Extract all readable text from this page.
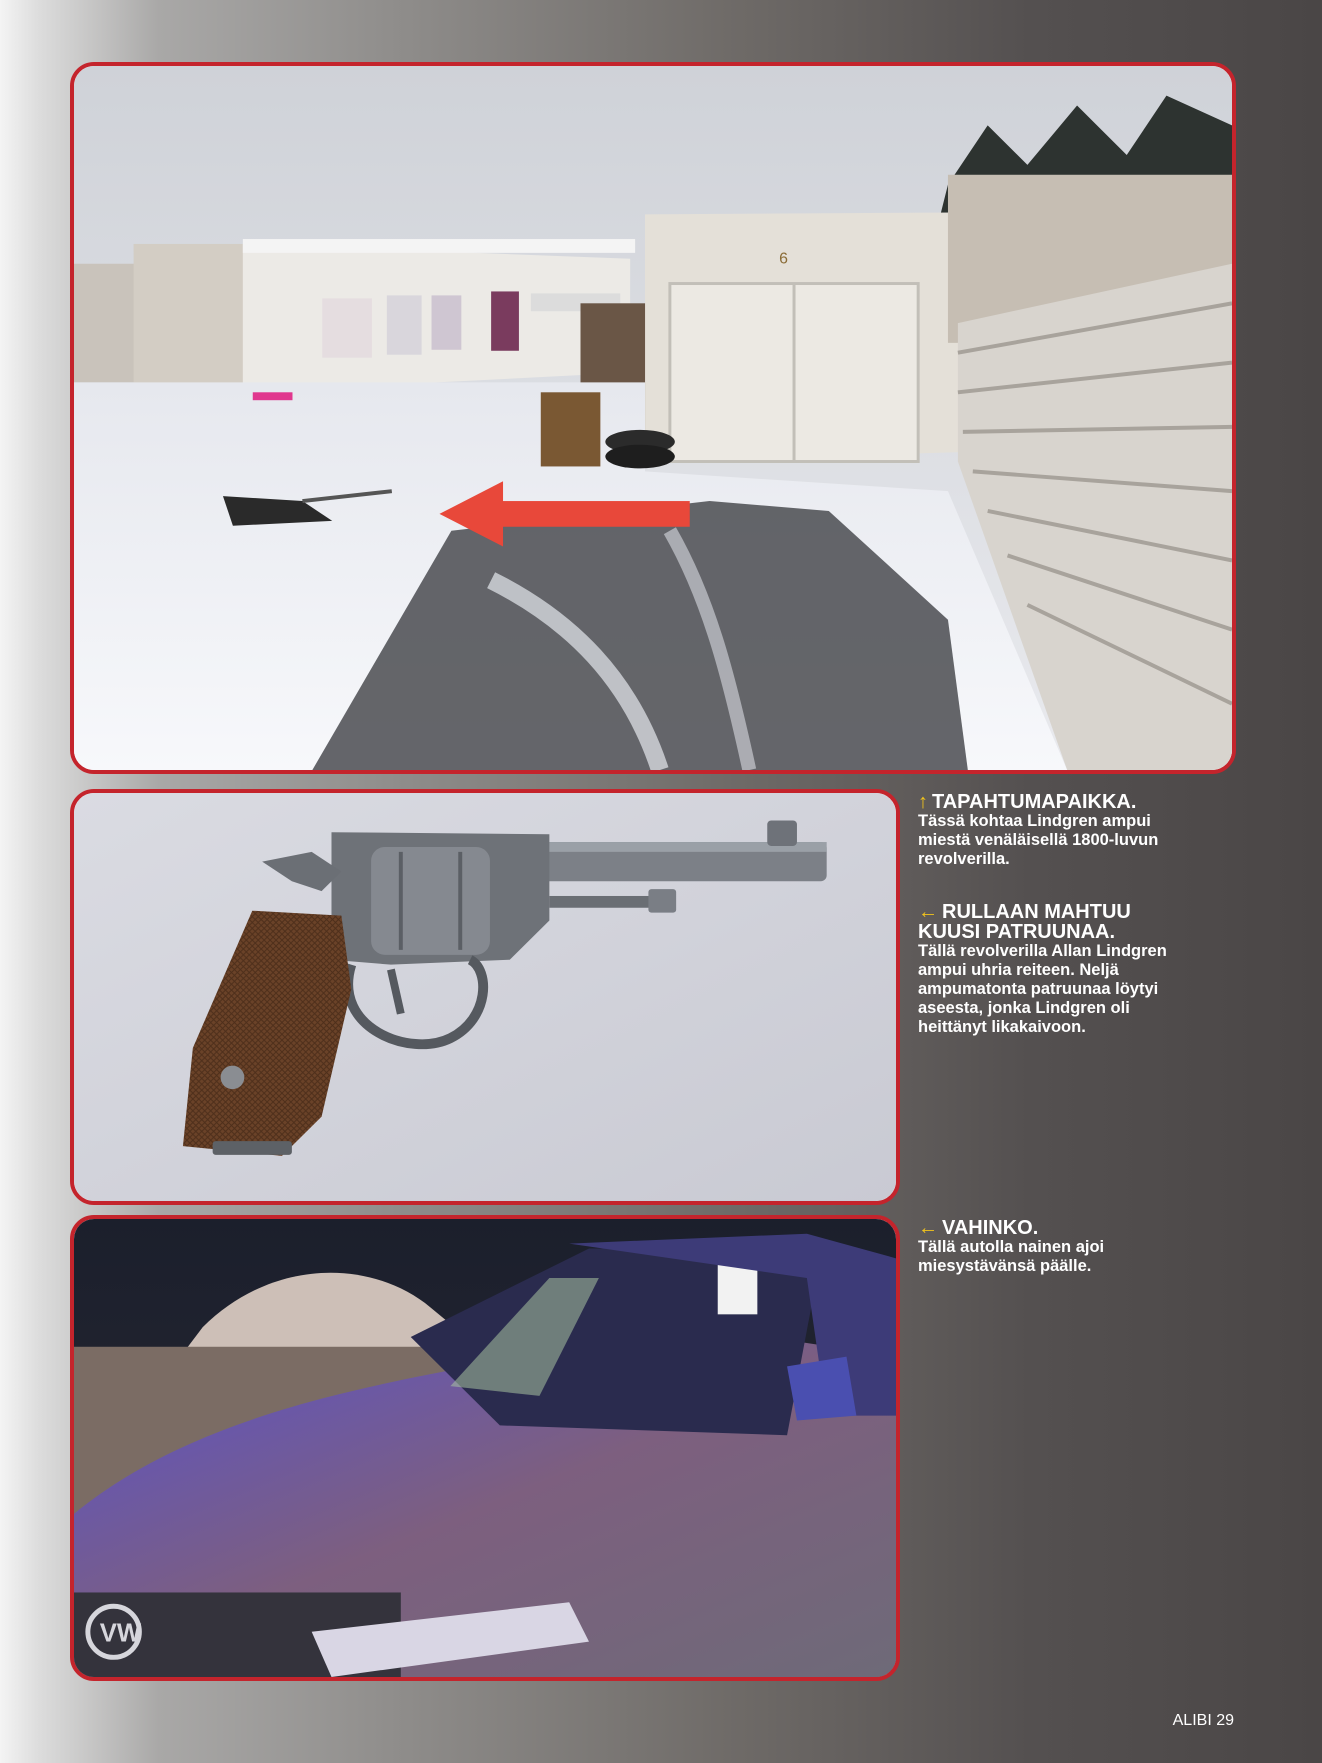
6
VW
↑ TAPAHTUMAPAIKKA.
Tässä kohtaa Lindgren ampui miestä venäläisellä 1800-luvun revolverilla.
← RULLAAN MAHTUU KUUSI PATRUUNAA.
Tällä revolverilla Allan Lindgren ampui uhria reiteen. Neljä ampumatonta patruunaa löytyi aseesta, jonka Lindgren oli heittänyt likakaivoon.
← VAHINKO.
Tällä autolla nainen ajoi miesystävänsä päälle.
ALIBI 29
